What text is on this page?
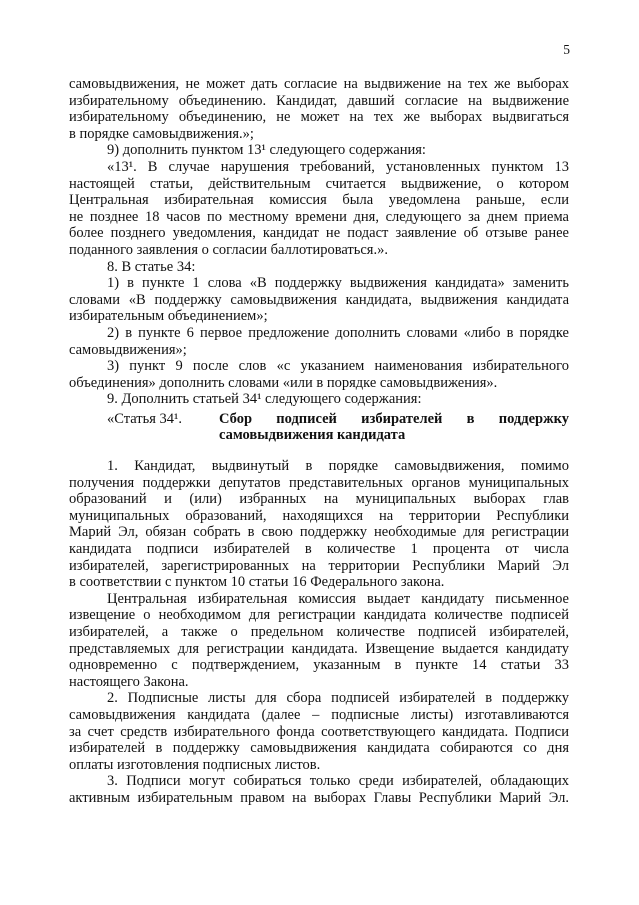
5
самовыдвижения, не может дать согласие на выдвижение на тех же выборах
избирательному объединению. Кандидат, давший согласие на выдвижение
избирательному объединению, не может на тех же выборах выдвигаться
в порядке самовыдвижения.»;
9) дополнить пунктом 13¹ следующего содержания:
«13¹. В случае нарушения требований, установленных пунктом 13
настоящей статьи, действительным считается выдвижение, о котором
Центральная избирательная комиссия была уведомлена раньше, если
не позднее 18 часов по местному времени дня, следующего за днем приема
более позднего уведомления, кандидат не подаст заявление об отзыве ранее
поданного заявления о согласии баллотироваться.».
8. В статье 34:
1) в пункте 1 слова «В поддержку выдвижения кандидата» заменить
словами «В поддержку самовыдвижения кандидата, выдвижения кандидата
избирательным объединением»;
2) в пункте 6 первое предложение дополнить словами «либо в порядке
самовыдвижения»;
3) пункт 9 после слов «с указанием наименования избирательного
объединения» дополнить словами «или в порядке самовыдвижения».
9. Дополнить статьей 34¹ следующего содержания:
«Статья 34¹.	Сбор подписей избирателей в поддержку
самовыдвижения кандидата
1. Кандидат, выдвинутый в порядке самовыдвижения, помимо
получения поддержки депутатов представительных органов муниципальных
образований и (или) избранных на муниципальных выборах глав
муниципальных образований, находящихся на территории Республики
Марий Эл, обязан собрать в свою поддержку необходимые для регистрации
кандидата подписи избирателей в количестве 1 процента от числа
избирателей, зарегистрированных на территории Республики Марий Эл
в соответствии с пунктом 10 статьи 16 Федерального закона.
Центральная избирательная комиссия выдает кандидату письменное
извещение о необходимом для регистрации кандидата количестве подписей
избирателей, а также о предельном количестве подписей избирателей,
представляемых для регистрации кандидата. Извещение выдается кандидату
одновременно с подтверждением, указанным в пункте 14 статьи 33
настоящего Закона.
2. Подписные листы для сбора подписей избирателей в поддержку
самовыдвижения кандидата (далее – подписные листы) изготавливаются
за счет средств избирательного фонда соответствующего кандидата. Подписи
избирателей в поддержку самовыдвижения кандидата собираются со дня
оплаты изготовления подписных листов.
3. Подписи могут собираться только среди избирателей, обладающих
активным избирательным правом на выборах Главы Республики Марий Эл.
